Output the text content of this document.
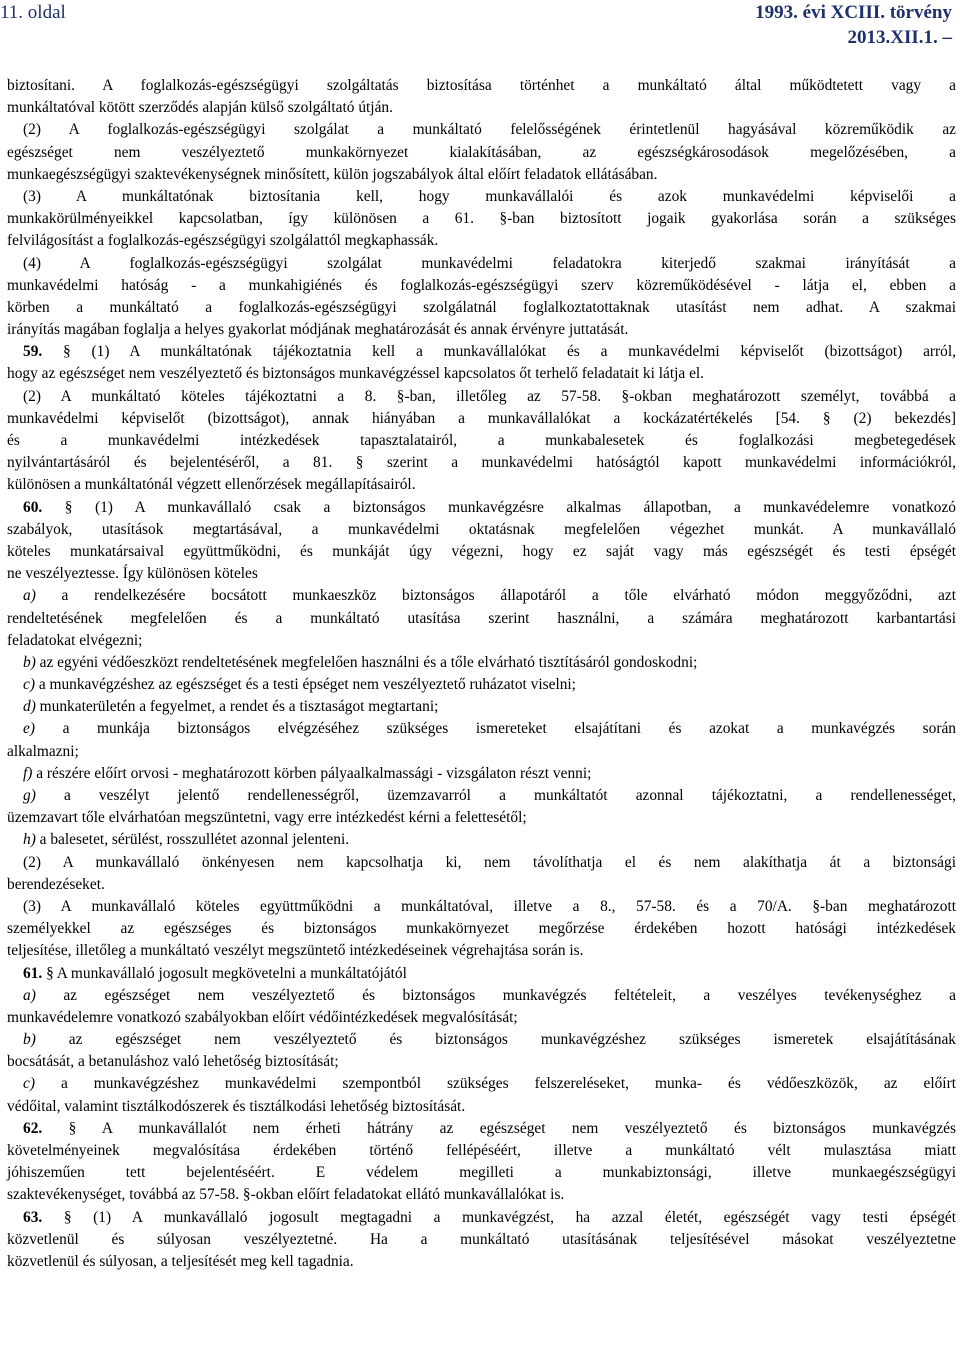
11. oldal	1993. évi XCIII. törvény
2013.XII.1. –
biztosítani. A foglalkozás-egészségügyi szolgáltatás biztosítása történhet a munkáltató által működtetett vagy a
munkáltatóval kötött szerződés alapján külső szolgáltató útján.
(2) A foglalkozás-egészségügyi szolgálat a munkáltató felelősségének érintetlenül hagyásával közreműködik az
egészséget nem veszélyeztető munkakörnyezet kialakításában, az egészségkárosodások megelőzésében, a
munkaegészségügyi szaktevékenységnek minősített, külön jogszabályok által előírt feladatok ellátásában.
(3) A munkáltatónak biztosítania kell, hogy munkavállalói és azok munkavédelmi képviselői a
munkakörülményeikkel kapcsolatban, így különösen a 61. §-ban biztosított jogaik gyakorlása során a szükséges
felvilágosítást a foglalkozás-egészségügyi szolgálattól megkaphassák.
(4) A foglalkozás-egészségügyi szolgálat munkavédelmi feladatokra kiterjedő szakmai irányítását a
munkavédelmi hatóság - a munkahigiénés és foglalkozás-egészségügyi szerv közreműködésével - látja el, ebben a
körben a munkáltató a foglalkozás-egészségügyi szolgálatnál foglalkoztatottaknak utasítást nem adhat. A szakmai
irányítás magában foglalja a helyes gyakorlat módjának meghatározását és annak érvényre juttatását.
59. § (1) A munkáltatónak tájékoztatnia kell a munkavállalókat és a munkavédelmi képviselőt (bizottságot) arról,
hogy az egészséget nem veszélyeztető és biztonságos munkavégzéssel kapcsolatos őt terhelő feladatait ki látja el.
(2) A munkáltató köteles tájékoztatni a 8. §-ban, illetőleg az 57-58. §-okban meghatározott személyt, továbbá a
munkavédelmi képviselőt (bizottságot), annak hiányában a munkavállalókat a kockázatértékelés [54. § (2) bekezdés]
és a munkavédelmi intézkedések tapasztalatairól, a munkabalesetek és foglalkozási megbetegedések
nyilvántartásáról és bejelentéséről, a 81. § szerint a munkavédelmi hatóságtól kapott munkavédelmi információkról,
különösen a munkáltatónál végzett ellenőrzések megállapításairól.
60. § (1) A munkavállaló csak a biztonságos munkavégzésre alkalmas állapotban, a munkavédelemre vonatkozó
szabályok, utasítások megtartásával, a munkavédelmi oktatásnak megfelelően végezhet munkát. A munkavállaló
köteles munkatársaival együttműködni, és munkáját úgy végezni, hogy ez saját vagy más egészségét és testi épségét
ne veszélyeztesse. Így különösen köteles
a) a rendelkezésére bocsátott munkaeszköz biztonságos állapotáról a tőle elvárható módon meggyőződni, azt
rendeltetésének megfelelően és a munkáltató utasítása szerint használni, a számára meghatározott karbantartási
feladatokat elvégezni;
b) az egyéni védőeszközt rendeltetésének megfelelően használni és a tőle elvárható tisztításáról gondoskodni;
c) a munkavégzéshez az egészséget és a testi épséget nem veszélyeztető ruházatot viselni;
d) munkaterületén a fegyelmet, a rendet és a tisztaságot megtartani;
e) a munkája biztonságos elvégzéséhez szükséges ismereteket elsajátítani és azokat a munkavégzés során
alkalmazni;
f) a részére előírt orvosi - meghatározott körben pályaalkalmassági - vizsgálaton részt venni;
g) a veszélyt jelentő rendellenességről, üzemzavarról a munkáltatót azonnal tájékoztatni, a rendellenességet,
üzemzavart tőle elvárhatóan megszüntetni, vagy erre intézkedést kérni a felettesétől;
h) a balesetet, sérülést, rosszullétet azonnal jelenteni.
(2) A munkavállaló önkényesen nem kapcsolhatja ki, nem távolíthatja el és nem alakíthatja át a biztonsági
berendezéseket.
(3) A munkavállaló köteles együttműködni a munkáltatóval, illetve a 8., 57-58. és a 70/A. §-ban meghatározott
személyekkel az egészséges és biztonságos munkakörnyezet megőrzése érdekében hozott hatósági intézkedések
teljesítése, illetőleg a munkáltató veszélyt megszüntető intézkedéseinek végrehajtása során is.
61. § A munkavállaló jogosult megkövetelni a munkáltatójától
a) az egészséget nem veszélyeztető és biztonságos munkavégzés feltételeit, a veszélyes tevékenységhez a
munkavédelemre vonatkozó szabályokban előírt védőintézkedések megvalósítását;
b) az egészséget nem veszélyeztető és biztonságos munkavégzéshez szükséges ismeretek elsajátításának
bocsátását, a betanuláshoz való lehetőség biztosítását;
c) a munkavégzéshez munkavédelmi szempontból szükséges felszereléseket, munka- és védőeszközök, az előírt
védőital, valamint tisztálkodószerek és tisztálkodási lehetőség biztosítását.
62. § A munkavállalót nem érheti hátrány az egészséget nem veszélyeztető és biztonságos munkavégzés
követelményeinek megvalósítása érdekében történő fellépéséért, illetve a munkáltató vélt mulasztása miatt
jóhiszeműen tett bejelentéséért. E védelem megilleti a munkabiztonsági, illetve munkaegészségügyi
szaktevékenységet, továbbá az 57-58. §-okban előírt feladatokat ellátó munkavállalókat is.
63. § (1) A munkavállaló jogosult megtagadni a munkavégzést, ha azzal életét, egészségét vagy testi épségét
közvetlenül és súlyosan veszélyeztetné. Ha a munkáltató utasításának teljesítésével másokat veszélyeztetne
közvetlenül és súlyosan, a teljesítését meg kell tagadnia.
